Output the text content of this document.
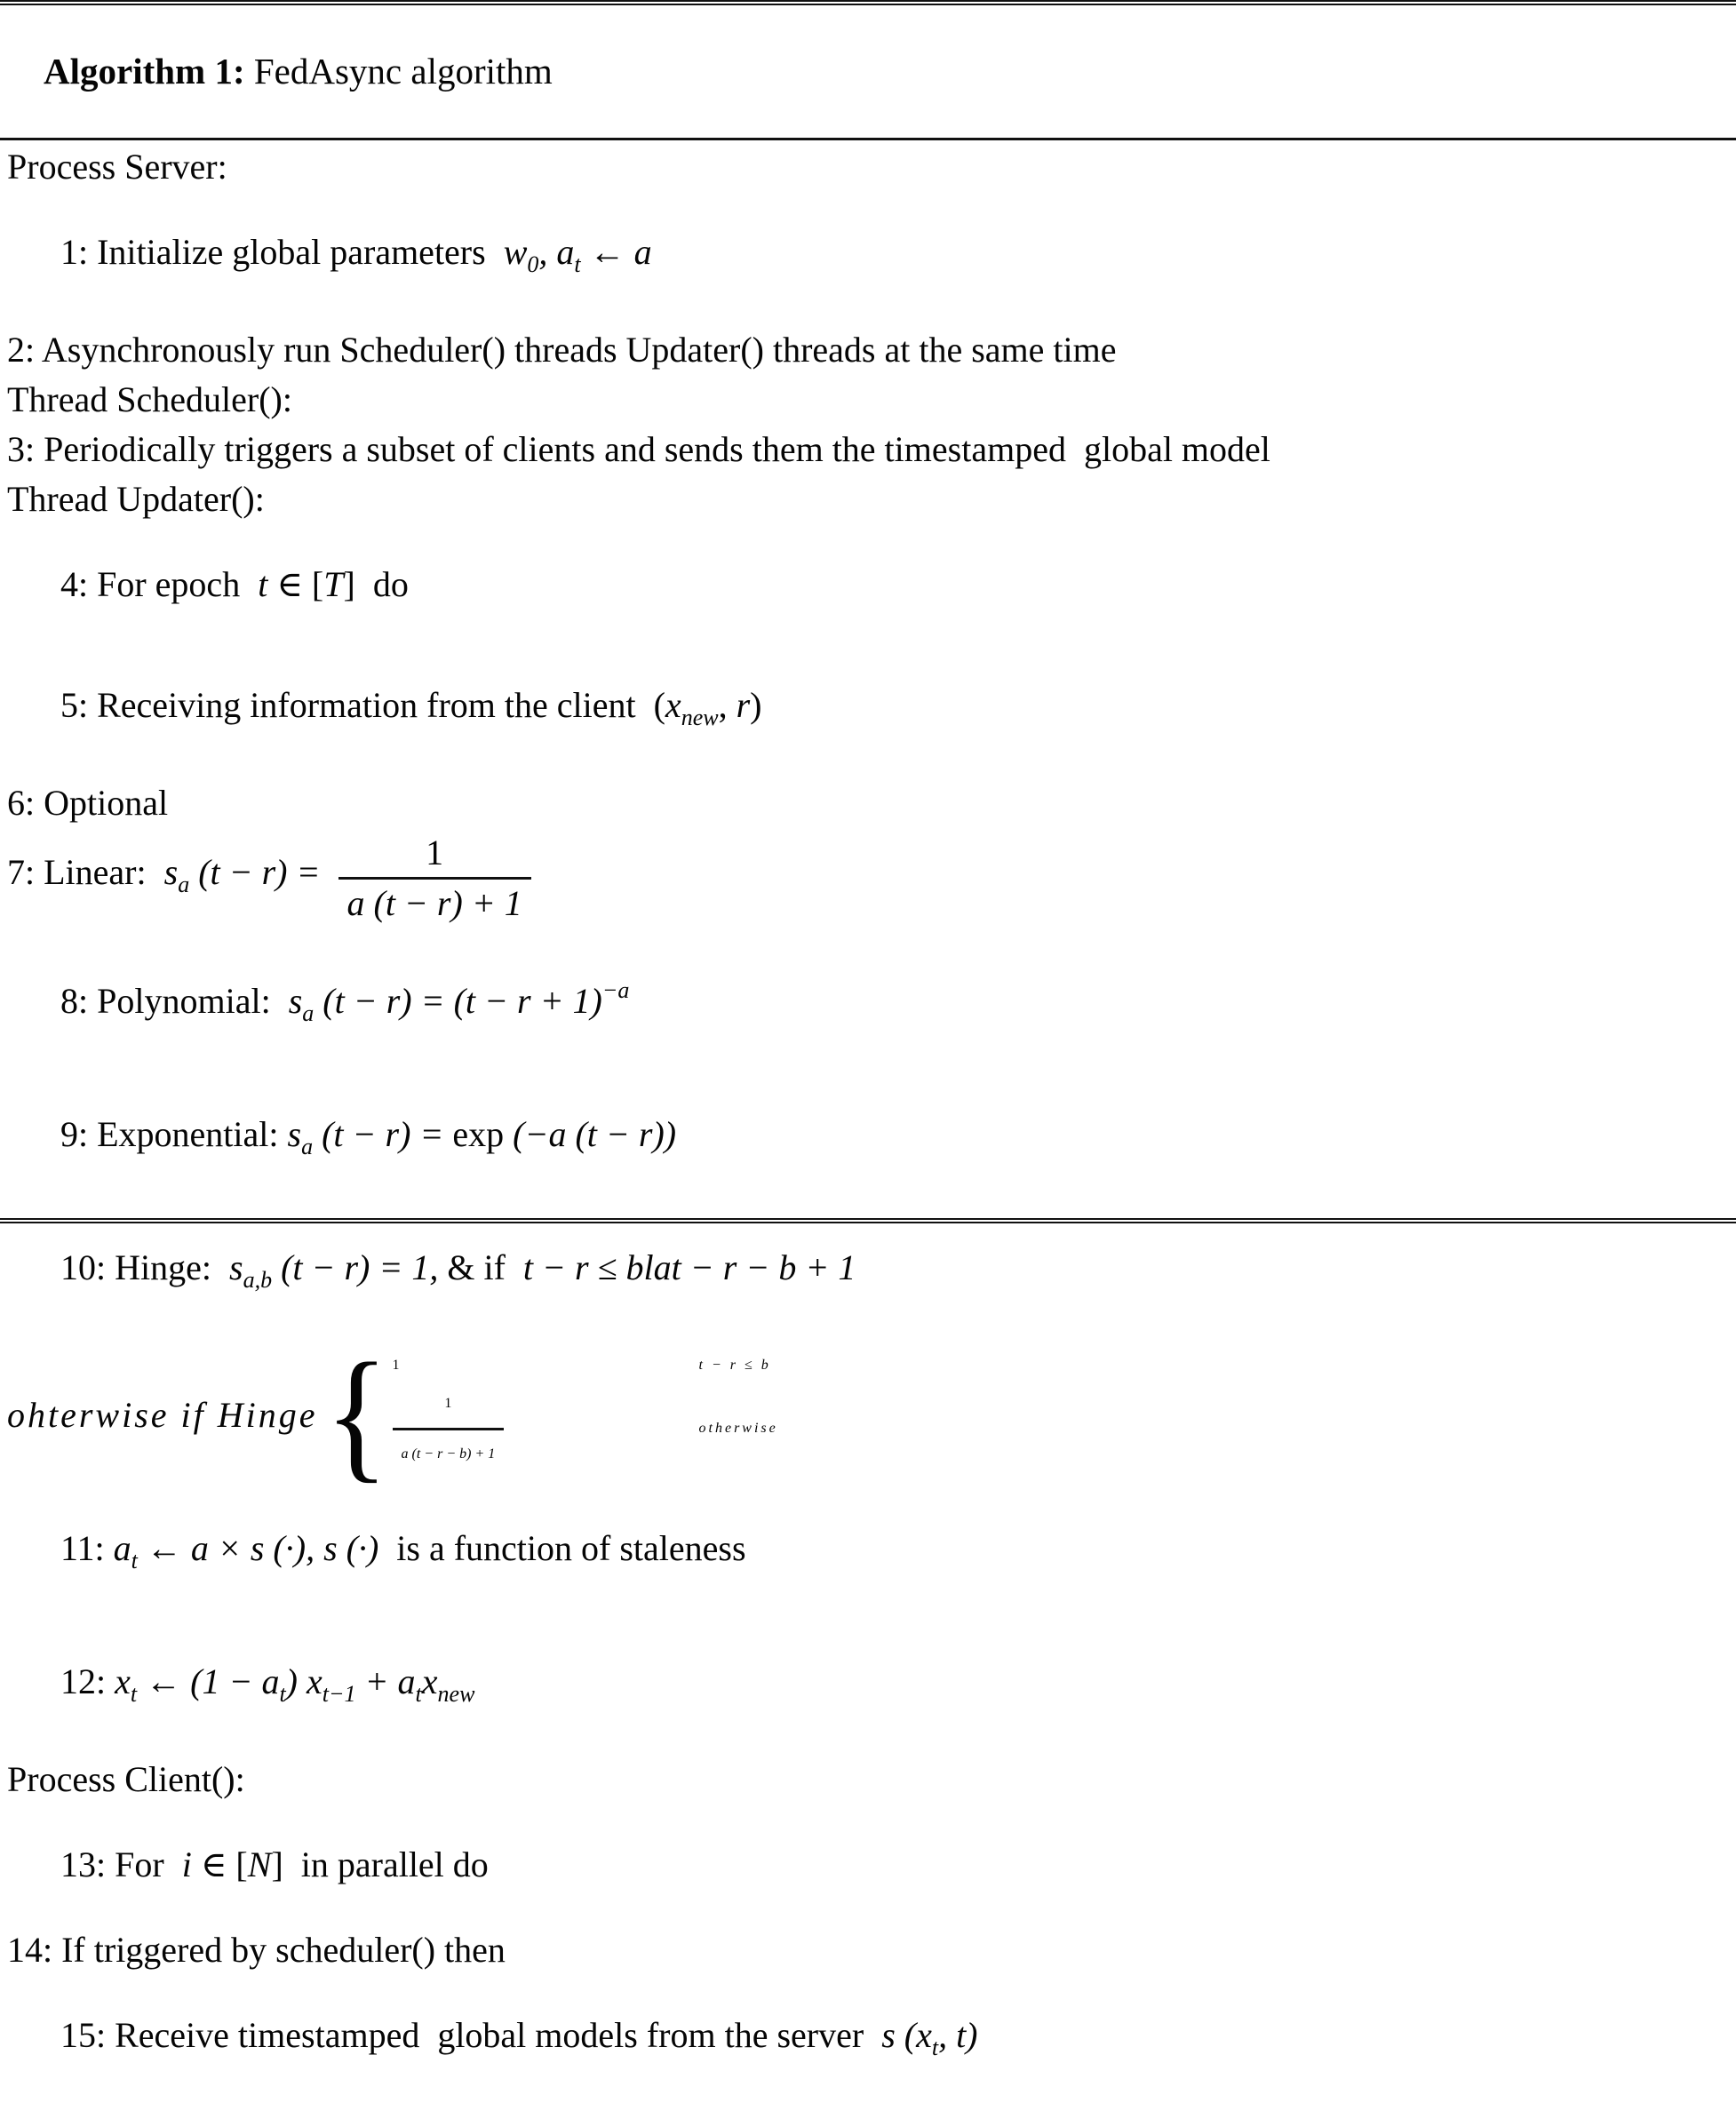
Algorithm 1: FedAsync algorithm

Process Server:

1: Initialize global parameters  $w_0$, $a_t$ ← a

2: Asynchronously run Scheduler() threads Updater() threads at the same time
Thread Scheduler():
3: Periodically triggers a subset of clients and sends them the timestamped  global model
Thread Updater():

4: For epoch  t ∈ [T]  do

5: Receiving information from the client  ($x_{new}$, r)

6: Optional
7: Linear:  $s_a$ $(t - r) = \frac{1}{a (t - r) + 1}$

8: Polynomial:  $s_a$ $(t - r) = (t - r + 1)^{-a}$

9: Exponential: $s_a$ (t − r) = exp (−a (t − r))

10: Hinge:  $s_{a,b}$ (t − r) = 1, & if  t − r ≤ blat − r − b + 1

ohterwise if Hinge { 1	t − r ≤ b
$\frac{1}{a (t - r - b) + 1}$	otherwise

11: $a_t$ ← a × s (·), s (·)  is a function of staleness

12: $x_t$ ← $(1 - a_t)$ $x_{t-1} + a_tx_{new}$

Process Client():

13: For  i ∈ [N]  in parallel do

14: If triggered by scheduler() then

15: Receive timestamped  global models from the server  s ($x_t$, t)
